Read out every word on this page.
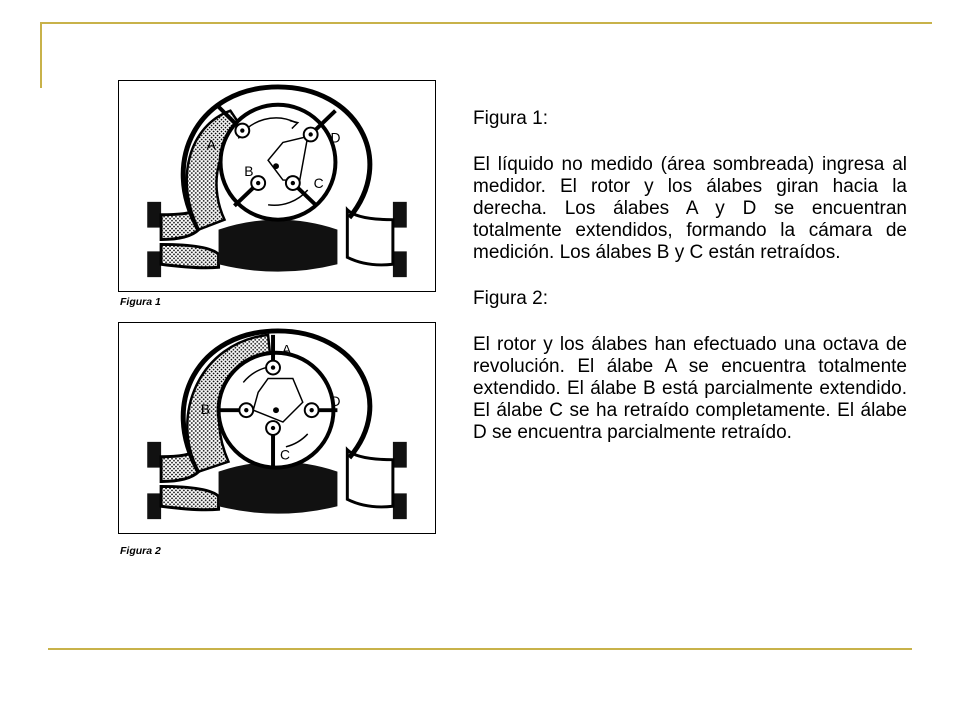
A
B
C
D
Figura 1
A
B
C
D
Figura 2

Figura 1:

El líquido no medido (área sombreada) ingresa al medidor. El rotor y los álabes giran hacia la derecha. Los álabes A y D se encuentran totalmente extendidos, formando la cámara de medición. Los álabes B y C están retraídos.

Figura 2:

El rotor y los álabes han efectuado una octava de revolución. El álabe A se encuentra totalmente extendido. El álabe B está parcialmente extendido. El álabe C se ha retraído completamente. El álabe D se encuentra parcialmente retraído.
